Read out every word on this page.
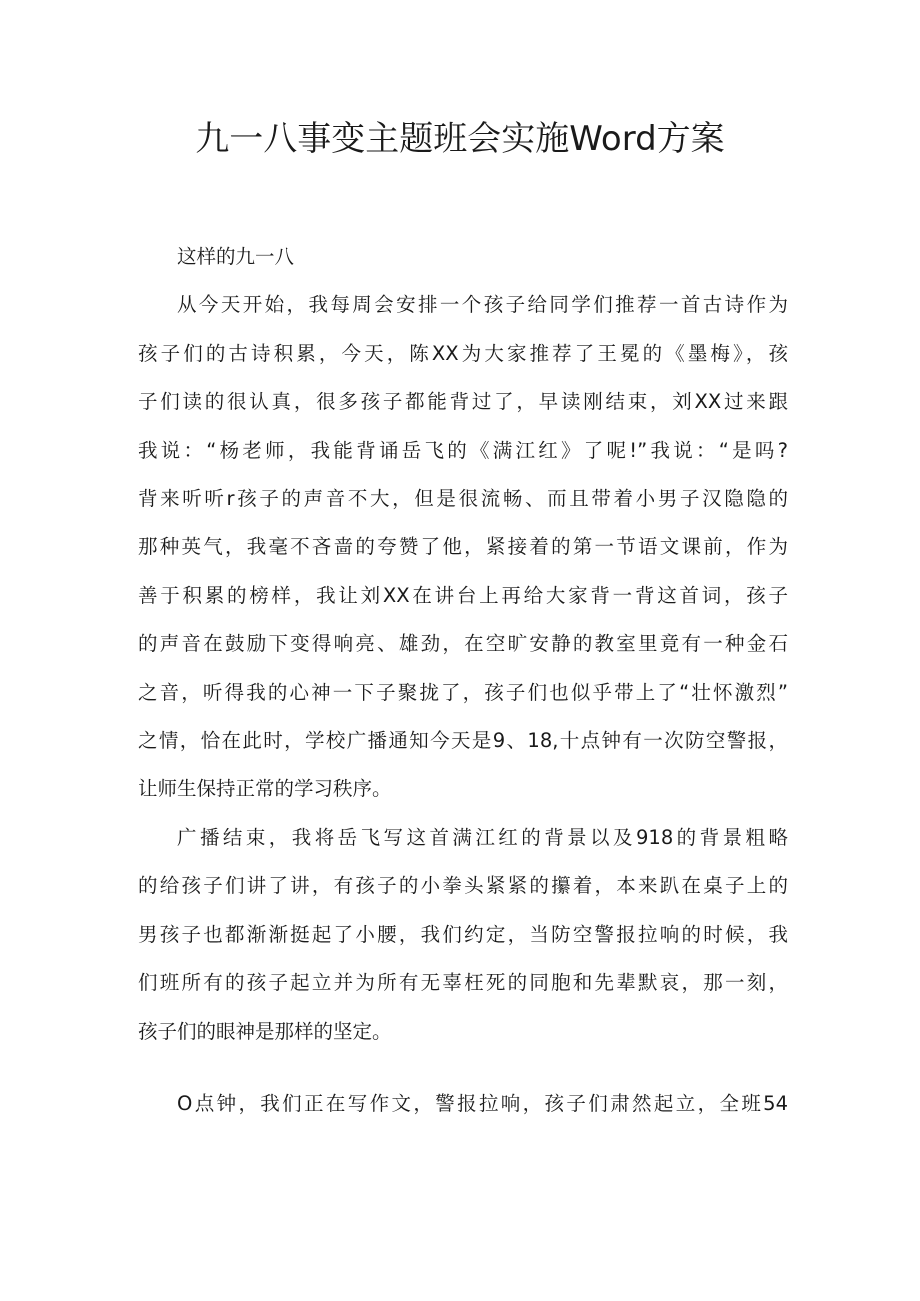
九一八事变主题班会实施Word方案

这样的九一八

从今天开始，我每周会安排一个孩子给同学们推荐一首古诗作为
孩子们的古诗积累，今天，陈XX为大家推荐了王冕的《墨梅》，孩
子们读的很认真，很多孩子都能背过了，早读刚结束，刘XX过来跟
我说：“杨老师，我能背诵岳飞的《满江红》了呢!”我说：“是吗?
背来听听r孩子的声音不大，但是很流畅、而且带着小男子汉隐隐的
那种英气，我毫不吝啬的夸赞了他，紧接着的第一节语文课前，作为
善于积累的榜样，我让刘XX在讲台上再给大家背一背这首词，孩子
的声音在鼓励下变得响亮、雄劲，在空旷安静的教室里竟有一种金石
之音，听得我的心神一下子聚拢了，孩子们也似乎带上了“壮怀激烈”
之情，恰在此时，学校广播通知今天是9、18,十点钟有一次防空警报，
让师生保持正常的学习秩序。

广播结束，我将岳飞写这首满江红的背景以及918的背景粗略
的给孩子们讲了讲，有孩子的小拳头紧紧的攥着，本来趴在桌子上的
男孩子也都渐渐挺起了小腰，我们约定，当防空警报拉响的时候，我
们班所有的孩子起立并为所有无辜枉死的同胞和先辈默哀，那一刻，
孩子们的眼神是那样的坚定。

O点钟，我们正在写作文，警报拉响，孩子们肃然起立，全班54
